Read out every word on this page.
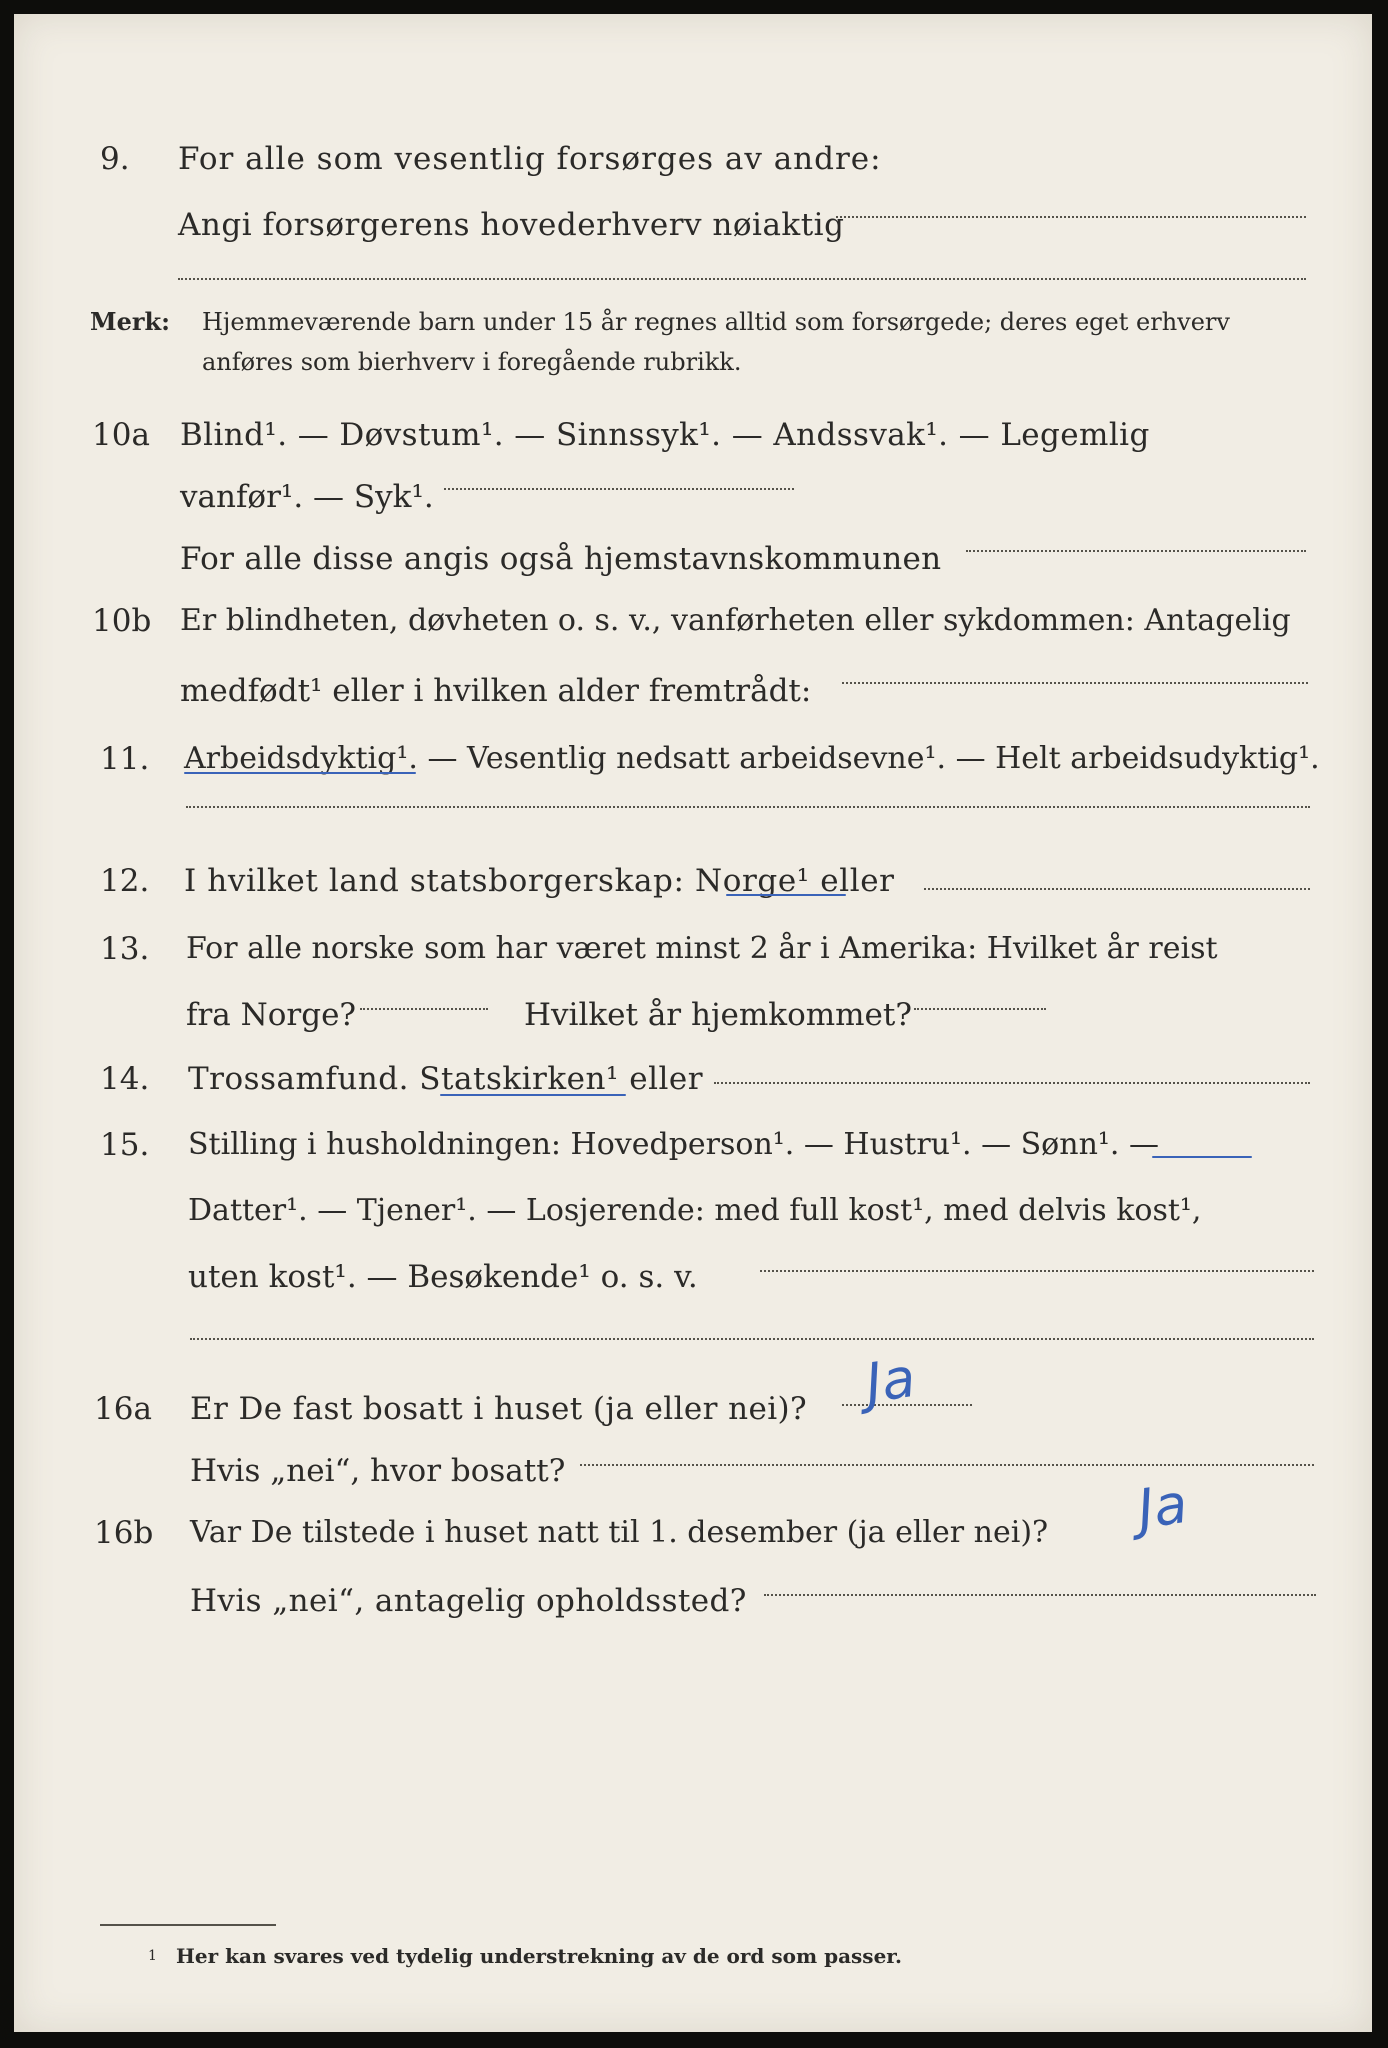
9. For alle som vesentlig forsørges av andre:
Angi forsørgerens hovederhverv nøiaktig
Merk: Hjemmeværende barn under 15 år regnes alltid som forsørgede; deres eget erhverv
anføres som bierhverv i foregående rubrikk.
10a Blind¹. — Døvstum¹. — Sinnssyk¹. — Andssvak¹. — Legemlig
vanfør¹. — Syk¹.
For alle disse angis også hjemstavnskommunen
10b Er blindheten, døvheten o. s. v., vanførheten eller sykdommen: Antagelig
medfødt¹ eller i hvilken alder fremtrådt:
11. Arbeidsdyktig¹. — Vesentlig nedsatt arbeidsevne¹. — Helt arbeidsudyktig¹.
12. I hvilket land statsborgerskap: Norge¹ eller
13. For alle norske som har været minst 2 år i Amerika: Hvilket år reist
fra Norge?	Hvilket år hjemkommet?
14. Trossamfund. Statskirken¹ eller
15. Stilling i husholdningen: Hovedperson¹. — Hustru¹. — Sønn¹. —
Datter¹. — Tjener¹. — Losjerende: med full kost¹, med delvis kost¹,
uten kost¹. — Besøkende¹ o. s. v.
16a Er De fast bosatt i huset (ja eller nei)? Ja
Hvis „nei“, hvor bosatt?
16b Var De tilstede i huset natt til 1. desember (ja eller nei)? Ja
Hvis „nei“, antagelig opholdssted?
1 Her kan svares ved tydelig understrekning av de ord som passer.
